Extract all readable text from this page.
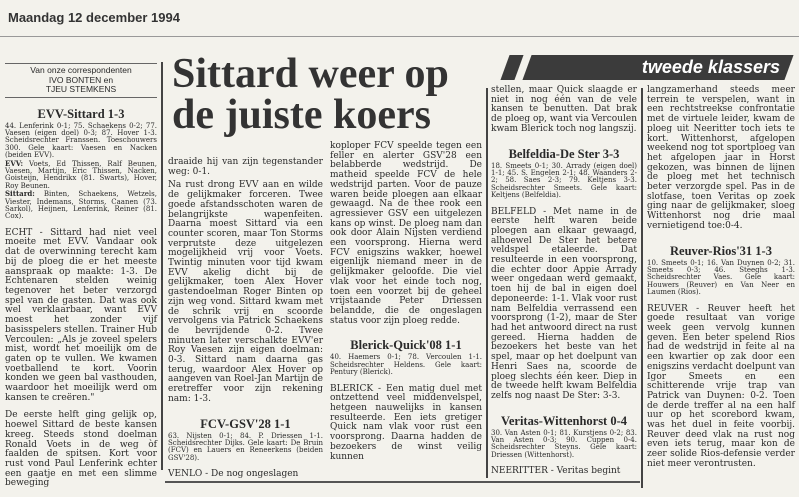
Maandag 12 december 1994
Sittard weer op
de juiste koers
tweede klassers
Van onze correspondenten
IVO BONTEN en
TJEU STEMKENS
EVV-Sittard 1-3
44. Lenferink 0-1; 75. Schaekens 0-2; 77. Vaesen (eigen doel) 0-3; 87. Hover 1-3. Scheidsrechter Franssen. Toeschouwers 300. Gele kaart: Vaesen en Nacken (beiden EVV).
EVV: Voets, Ed Thissen, Ralf Beunen, Vaesen, Martijn, Eric Thissen, Nacken, Goisteijn, Hendrikx (81. Swarts), Hover, Roy Beunen.
Sittard: Binten, Schaekens, Wetzels, Viester, Indemans, Storms, Caanen (73. Sarkol), Heijnen, Lenferink, Reiner (81. Cox).

ECHT - Sittard had niet veel moeite met EVV. Vandaar ook dat de overwinning terecht kam bij de ploeg die er het meeste aanspraak op maakte: 1-3. De Echtenaren stelden weinig tegenover het beter verzorgd spel van de gasten. Dat was ook wel verklaarbaar, want EVV moest het zonder vijf basisspelers stellen. Trainer Hub Vercoulen: „Als je zoveel spelers mist, wordt het moeilijk om de gaten op te vullen. We kwamen voetballend te kort. Voorin konden we geen bal vasthouden, waardoor het moeilijk werd om kansen te creëren."

De eerste helft ging gelijk op, hoewel Sittard de beste kansen kreeg. Steeds stond doelman Ronald Voets in de weg òf faalden de spitsen. Kort voor rust vond Paul Lenferink echter een gaatje en met een slimme beweging

draaide hij van zijn tegenstander weg: 0-1.

Na rust drong EVV aan en wilde de gelijkmaker forceren. Twee goede afstandsschoten waren de belangrijkste wapenfeiten. Daarna moest Sittard via een counter scoren, maar Ton Storms verprutste deze uitgelezen mogelijkheid vrij voor Voets. Twintig minuten voor tijd kwam EVV akelig dicht bij de gelijkmaker, toen Alex Hover gastendoelman Roger Binten op zijn weg vond. Sittard kwam met de schrik vrij en scoorde vervolgens via Patrick Schaekens de bevrijdende 0-2. Twee minuten later verschalkte EVV'er Roy Vaesen zijn eigen doelman: 0-3. Sittard nam daarna gas terug, waardoor Alex Hover op aangeven van Roel-Jan Martijn de eretreffer voor zijn rekening nam: 1-3.

FCV-GSV'28 1-1
63. Nijsten 0-1; 84. P. Driessen 1-1. Scheidsrechter Dijks. Gele kaart: De Bruin (FCV) en Lauers en Reneerkens (beiden GSV'28).

VENLO - De nog ongeslagen

koploper FCV speelde tegen een feller en alerter GSV'28 een belabberde wedstrijd. De matheid speelde FCV de hele wedstrijd parten. Voor de pauze waren beide ploegen aan elkaar gewaagd. Na de thee rook een agressiever GSV een uitgelezen kans op winst. De ploeg nam dan ook door Alain Nijsten verdiend een voorsprong. Hierna werd FCV enigszins wakker, hoewel eigenlijk niemand meer in de gelijkmaker geloofde. Die viel vlak voor het einde toch nog, toen een voorzet bij de geheel vrijstaande Peter Driessen belandde, die de ongeslagen status voor zijn ploeg redde.

Blerick-Quick'08 1-1
40. Haemers 0-1; 78. Vercoulen 1-1. Scheidsrechter Heldens. Gele kaart: Pentury (Blerick).

BLERICK - Een matig duel met ontzettend veel middenvelspel, hetgeen nauwelijks in kansen resulteerde. Een iets gretiger Quick nam vlak voor rust een voorsprong. Daarna hadden de bezoekers de winst veilig kunnen

stellen, maar Quick slaagde er niet in nog één van de vele kansen te benutten. Dat brak de ploeg op, want via Vercoulen kwam Blerick toch nog langszij.

Belfeldia-De Ster 3-3
18. Smeets 0-1; 30. Arrady (eigen doel) 1-1; 45. S. Engelen 2-1; 48. Waanders 2-2; 58. Saes 2-3; 79. Keltjens 3-3. Scheidsrechter Smeets. Gele kaart: Keltjens (Belfeldia).

BELFELD - Met name in de eerste helft waren beide ploegen aan elkaar gewaagd, alhoewel De Ster het betere veldspel etaleerde. Dat resulteerde in een voorsprong, die echter door Appie Arrady weer ongedaan werd gemaakt, toen hij de bal in eigen doel deponeerde: 1-1. Vlak voor rust nam Belfeldia verrassend een voorsprong (1-2), maar de Ster had het antwoord direct na rust gereed. Hierna hadden de bezoekers het beste van het spel, maar op het doelpunt van Henri Saes na, scoorde de ploeg slechts één keer. Diep in de tweede helft kwam Belfeldia zelfs nog naast De Ster: 3-3.

Veritas-Wittenhorst 0-4
30. Van Asten 0-1; 81. Kurstjens 0-2; 83. Van Asten 0-3; 90. Cuppen 0-4. Scheidsrechter Steyns. Gele kaart: Driessen (Wittenhorst).

NEERITTER - Veritas begint

langzamerhand steeds meer terrein te verspelen, want in een rechtstreekse confrontatie met de virtuele leider, kwam de ploeg uit Neeritter toch iets te kort. Wittenhorst, afgelopen weekend nog tot sportploeg van het afgelopen jaar in Horst gekozen, was binnen de lijnen de ploeg met het technisch beter verzorgde spel. Pas in de slotfase, toen Veritas op zoek ging naar de gelijkmaker, sloeg Wittenhorst nog drie maal vernietigend toe:0-4.

Reuver-Rios'31 1-3
10. Smeets 0-1; 16. Van Duynen 0-2; 31. Smeets 0-3; 46. Steeghs 1-3. Scheidsrechter Vaes. Gele kaart: Houwers (Reuver) en Van Neer en Laumen (Rios).

REUVER - Reuver heeft het goede resultaat van vorige week geen vervolg kunnen geven. Een beter spelend Rios had de wedstrijd in feite al na een kwartier op zak door een enigszins verdacht doelpunt van Igor Smeets en een schitterende vrije trap van Patrick van Duynen: 0-2. Toen de derde treffer al na een half uur op het scorebord kwam, was het duel in feite voorbij. Reuver deed vlak na rust nog even iets terug, maar kon de zeer solide Rios-defensie verder niet meer verontrusten.
